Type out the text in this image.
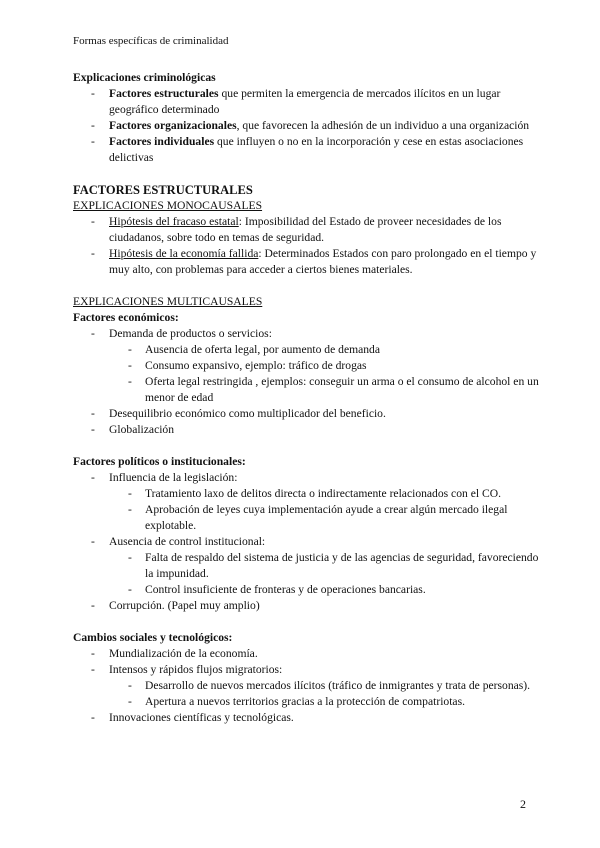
Formas específicas de criminalidad
Explicaciones criminológicas
- Factores estructurales que permiten la emergencia de mercados ilícitos en un lugar geográfico determinado
- Factores organizacionales, que favorecen la adhesión de un individuo a una organización
- Factores individuales que influyen o no en la incorporación y cese en estas asociaciones delictivas
FACTORES ESTRUCTURALES
EXPLICACIONES MONOCAUSALES
- Hipótesis del fracaso estatal: Imposibilidad del Estado de proveer necesidades de los ciudadanos, sobre todo en temas de seguridad.
- Hipótesis de la economía fallida: Determinados Estados con paro prolongado en el tiempo y muy alto, con problemas para acceder a ciertos bienes materiales.
EXPLICACIONES MULTICAUSALES
Factores económicos:
- Demanda de productos o servicios:
- Ausencia de oferta legal, por aumento de demanda
- Consumo expansivo, ejemplo: tráfico de drogas
- Oferta legal restringida , ejemplos: conseguir un arma o el consumo de alcohol en un menor de edad
- Desequilibrio económico como multiplicador del beneficio.
- Globalización
Factores políticos o institucionales:
- Influencia de la legislación:
- Tratamiento laxo de delitos directa o indirectamente relacionados con el CO.
- Aprobación de leyes cuya implementación ayude a crear algún mercado ilegal explotable.
- Ausencia de control institucional:
- Falta de respaldo del sistema de justicia y de las agencias de seguridad, favoreciendo la impunidad.
- Control insuficiente de fronteras y de operaciones bancarias.
- Corrupción. (Papel muy amplio)
Cambios sociales y tecnológicos:
- Mundialización de la economía.
- Intensos y rápidos flujos migratorios:
- Desarrollo de nuevos mercados ilícitos (tráfico de inmigrantes y trata de personas).
- Apertura a nuevos territorios gracias a la protección de compatriotas.
- Innovaciones científicas y tecnológicas.
2
